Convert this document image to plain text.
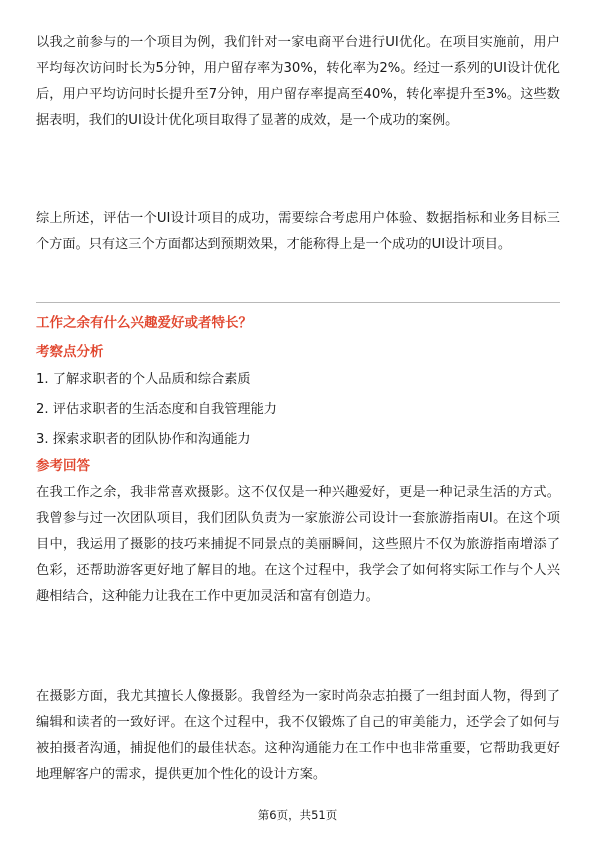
以我之前参与的一个项目为例，我们针对一家电商平台进行UI优化。在项目实施前，用户平均每次访问时长为5分钟，用户留存率为30%，转化率为2%。经过一系列的UI设计优化后，用户平均访问时长提升至7分钟，用户留存率提高至40%，转化率提升至3%。这些数据表明，我们的UI设计优化项目取得了显著的成效，是一个成功的案例。

综上所述，评估一个UI设计项目的成功，需要综合考虑用户体验、数据指标和业务目标三个方面。只有这三个方面都达到预期效果，才能称得上是一个成功的UI设计项目。

工作之余有什么兴趣爱好或者特长？
考察点分析
1. 了解求职者的个人品质和综合素质
2. 评估求职者的生活态度和自我管理能力
3. 探索求职者的团队协作和沟通能力
参考回答

在我工作之余，我非常喜欢摄影。这不仅仅是一种兴趣爱好，更是一种记录生活的方式。我曾参与过一次团队项目，我们团队负责为一家旅游公司设计一套旅游指南UI。在这个项目中，我运用了摄影的技巧来捕捉不同景点的美丽瞬间，这些照片不仅为旅游指南增添了色彩，还帮助游客更好地了解目的地。在这个过程中，我学会了如何将实际工作与个人兴趣相结合，这种能力让我在工作中更加灵活和富有创造力。

在摄影方面，我尤其擅长人像摄影。我曾经为一家时尚杂志拍摄了一组封面人物，得到了编辑和读者的一致好评。在这个过程中，我不仅锻炼了自己的审美能力，还学会了如何与被拍摄者沟通，捕捉他们的最佳状态。这种沟通能力在工作中也非常重要，它帮助我更好地理解客户的需求，提供更加个性化的设计方案。

第6页，共51页
